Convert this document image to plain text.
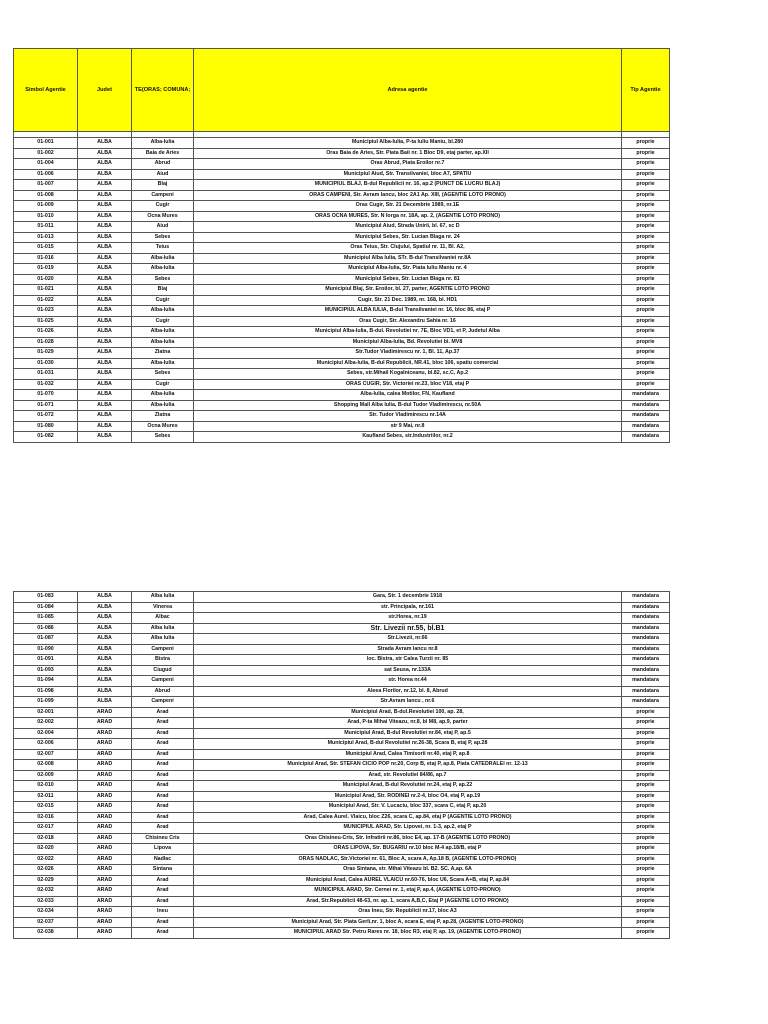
Simbol Agentie	Judet	TE(ORAS; COMUNA;	Adresa agentie	Tip Agentie

01-001	ALBA	Alba-Iulia	Municipiul Alba-Iulia, P-ta Iuliu Maniu, bl.280	proprie
01-002	ALBA	Baia de Aries	Oras Baia de Aries, Str. Piata Baii nr. 1 Bloc D9, etaj parter, ap.XII	proprie
01-004	ALBA	Abrud	Oras Abrud, Piata Eroilor nr.7	proprie
01-006	ALBA	Aiud	Municipiul Aiud, Str. Transilvaniei, bloc A7, SPATIU	proprie
01-007	ALBA	Blaj	MUNICIPIUL BLAJ, B-dul Republicii nr. 16, ap.2 (PUNCT DE LUCRU BLAJ)	proprie
01-008	ALBA	Campeni	ORAS CAMPENI, Str. Avram Iancu, bloc 2A1 Ap. XIII, (AGENTIE LOTO PRONO)	proprie
01-009	ALBA	Cugir	Oras Cugir, Str. 21 Decembrie 1989, nr.1E	proprie
01-010	ALBA	Ocna Mures	ORAS OCNA MURES, Str. N Iorga nr. 18A, ap. 2, (AGENTIE LOTO PRONO)	proprie
01-011	ALBA	Aiud	Municipiul Aiud, Strada Unirii, bl. 67, sc D	proprie
01-013	ALBA	Sebes	Municipiul Sebes, Str. Lucian Blaga nr. 24	proprie
01-015	ALBA	Teius	Oras Teius, Str. Clujului, Spatiul nr. 11, Bl. A2,	proprie
01-016	ALBA	Alba-Iulia	Municipiul Alba Iulia, STr. B-dul Transilvaniei nr.8A	proprie
01-019	ALBA	Alba-Iulia	Municipiul Alba-Iulia, Str. Piata Iuliu Maniu nr. 4	proprie
01-020	ALBA	Sebes	Municipiul Sebes, Str. Lucian Blaga nr. 81	proprie
01-021	ALBA	Blaj	Municipiul Blaj, Str. Eroilor, bl. 27, parter, AGENTIE LOTO PRONO	proprie
01-022	ALBA	Cugir	Cugir, Str. 21 Dec. 1989, nr. 168, bl. HD1	proprie
01-023	ALBA	Alba-Iulia	MUNICIPIUL ALBA IULIA, B-dul Transilvaniei nr. 16, bloc 86, etaj P	proprie
01-025	ALBA	Cugir	Oras Cugir, Str. Alexandru Sahia nr. 16	proprie
01-026	ALBA	Alba-Iulia	Municipiul Alba-Iulia, B-dul. Revolutiei nr. 7E, Bloc VD1, et P, Judetul Alba	proprie
01-028	ALBA	Alba-Iulia	Municipiul Alba-Iulia, Bd. Revolutiei bl. MV8	proprie
01-029	ALBA	Zlatna	Str.Tudor Vladimirescu nr. 1, Bl. 11, Ap.37	proprie
01-030	ALBA	Alba-Iulia	Municipiul Alba-Iulia, B-dul Republicii, NR.41, bloc 106, spatiu comercial	proprie
01-031	ALBA	Sebes	Sebes, str.Mihail Kogalniceanu, bl.82, sc.C, Ap.2	proprie
01-032	ALBA	Cugir	ORAS CUGIR, Str. Victoriei nr.23, bloc V18, etaj P	proprie
01-070	ALBA	Alba-Iulia	Alba-Iulia, calea Motilor, FN, Kaufland	mandatara
01-071	ALBA	Alba-Iulia	Shopping Mall Alba Iulia, B-dul Tudor Vladimirescu, nr.50A	mandatara
01-072	ALBA	Zlatna	Str. Tudor Vladimirescu nr.14A	mandatara
01-080	ALBA	Ocna Mures	str 9 Mai, nr.8	mandatara
01-082	ALBA	Sebes	Kaufland Sebes, str.Industriilor, nr.2	mandatara
01-083	ALBA	Alba Iulia	Gara, Str. 1 decembrie 1918	mandatara
01-084	ALBA	Vinerea	str. Principala, nr.161	mandatara
01-085	ALBA	Albac	str.Horea, nr.19	mandatara
01-086	ALBA	Alba Iulia	Str. Livezii nr.55, bl.B1	mandatara
01-087	ALBA	Alba Iulia	Str.Livezii, nr.66	mandatara
01-090	ALBA	Campeni	Strada Avram Iancu nr.8	mandatara
01-091	ALBA	Bistra	loc. Bistra, str Calea Turzii nr. 85	mandatara
01-093	ALBA	Ciugud	sat Seusa, nr.133A	mandatara
01-094	ALBA	Campeni	str. Horea nr.44	mandatara
01-098	ALBA	Abrud	Aleea Florilor, nr.12, bl. 8, Abrud	mandatara
01-099	ALBA	Campeni	Str.Avram Iancu , nr.6	mandatara
02-001	ARAD	Arad	Municipiul Arad, B-dul.Revolutiei 100, ap. 28,	proprie
02-002	ARAD	Arad	Arad, P-ta Mihai Viteazu, nr.8, bl M8, ap.9, parter	proprie
02-004	ARAD	Arad	Municipiul Arad, B-dul Revolutiei nr.84, etaj P, ap.5	proprie
02-006	ARAD	Arad	Municipiul Arad, B-dul Revolutiei nr.26-38, Scara B, etaj P, ap.28	proprie
02-007	ARAD	Arad	Municipiul Arad, Calea Timisorii nr.40, etaj P, ap.8	proprie
02-008	ARAD	Arad	Municipiul Arad, Str. STEFAN CICIO POP nr.20, Corp B, etaj P, ap.8, Piata CATEDRALEI nr. 12-13	proprie
02-009	ARAD	Arad	Arad, str. Revolutiei 84/86, ap.7	proprie
02-010	ARAD	Arad	Municipiul Arad, B-dul Revolutiei nr.24, etaj P, ap.22	proprie
02-011	ARAD	Arad	Municipiul Arad, Str. RODINEI nr.2-4, bloc O4, etaj P, ap.19	proprie
02-015	ARAD	Arad	Municipiul Arad, Str. V. Lucaciu, bloc 337, scara C, etaj P, ap.20	proprie
02-016	ARAD	Arad	Arad, Calea Aurel. Vlaicu, bloc Z26, scara C, ap.84, etaj P (AGENTIE LOTO PRONO)	proprie
02-017	ARAD	Arad	MUNICIPIUL ARAD, Str. Lipovei, nr. 1-3, ap.2, etaj P	proprie
02-018	ARAD	Chisineu Cris	Oras Chisineu-Cris, Str. Infratirii nr.86, bloc E4, ap. 17-B (AGENTIE LOTO PRONO)	proprie
02-020	ARAD	Lipova	ORAS LIPOVA, Str. BUGARIU nr.10 bloc M-4 ap.18/B, etaj P	proprie
02-022	ARAD	Nadlac	ORAS NADLAC, Str.Victoriei nr. 61, Bloc A, scara A, Ap.18 B, (AGENTIE LOTO-PRONO)	proprie
02-026	ARAD	Sintana	Oras Sintana, str. Mihai Viteazu bl. B2. SC. A,ap. 6A	proprie
02-029	ARAD	Arad	Municipiul Arad, Calea AUREL VLAICU nr.60-76, bloc U6, Scara A+B, etaj P, ap.84	proprie
02-032	ARAD	Arad	MUNICIPIUL ARAD, Str. Cernei nr. 1, etaj P, ap.4, (AGENTIE LOTO-PRONO)	proprie
02-033	ARAD	Arad	Arad, Str.Republicii 48-63, nr. ap. 1, scara A,B,C, Etaj P (AGENTIE LOTO PRONO)	proprie
02-034	ARAD	Ineu	Oras Ineu, Str. Republicii nr.17, bloc A3	proprie
02-037	ARAD	Arad	Municipiul Arad, Str. Piata Gerli,nr. 1, bloc A, scara E, etaj P, ap.28, (AGENTIE LOTO-PRONO)	proprie
02-038	ARAD	Arad	MUNICIPIUL ARAD Str. Petru Rares nr. 18, bloc R3, etaj P, ap. 19, (AGENTIE LOTO-PRONO)	proprie
